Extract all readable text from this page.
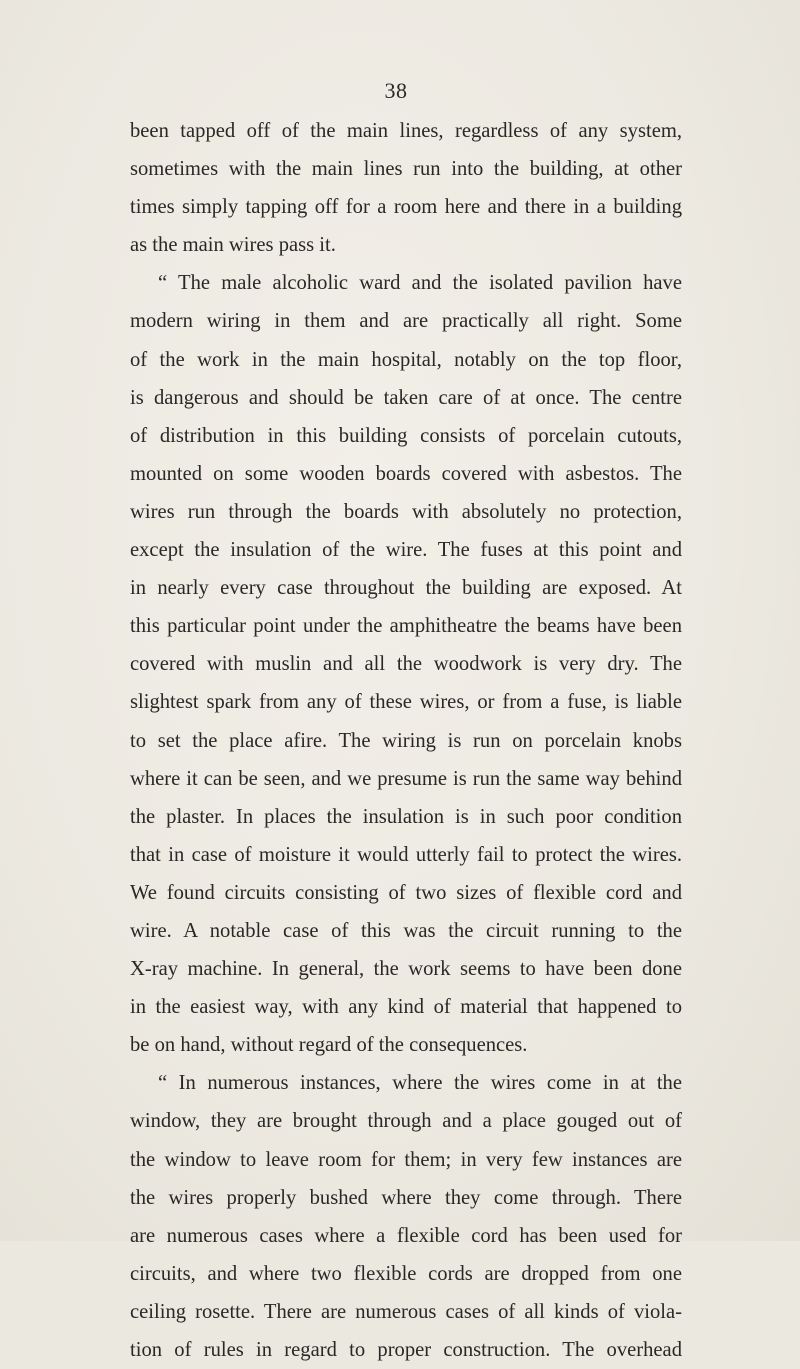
38
been tapped off of the main lines, regardless of any system,
sometimes with the main lines run into the building, at other
times simply tapping off for a room here and there in a building
as the main wires pass it.
“ The male alcoholic ward and the isolated pavilion have
modern wiring in them and are practically all right. Some
of the work in the main hospital, notably on the top floor,
is dangerous and should be taken care of at once. The centre
of distribution in this building consists of porcelain cutouts,
mounted on some wooden boards covered with asbestos. The
wires run through the boards with absolutely no protection,
except the insulation of the wire. The fuses at this point and
in nearly every case throughout the building are exposed. At
this particular point under the amphitheatre the beams have been
covered with muslin and all the woodwork is very dry. The
slightest spark from any of these wires, or from a fuse, is liable
to set the place afire. The wiring is run on porcelain knobs
where it can be seen, and we presume is run the same way behind
the plaster. In places the insulation is in such poor condition
that in case of moisture it would utterly fail to protect the wires.
We found circuits consisting of two sizes of flexible cord and
wire. A notable case of this was the circuit running to the
X-ray machine. In general, the work seems to have been done
in the easiest way, with any kind of material that happened to
be on hand, without regard of the consequences.
“ In numerous instances, where the wires come in at the
window, they are brought through and a place gouged out of
the window to leave room for them; in very few instances are
the wires properly bushed where they come through. There
are numerous cases where a flexible cord has been used for
circuits, and where two flexible cords are dropped from one
ceiling rosette. There are numerous cases of all kinds of viola-
tion of rules in regard to proper construction. The overhead
